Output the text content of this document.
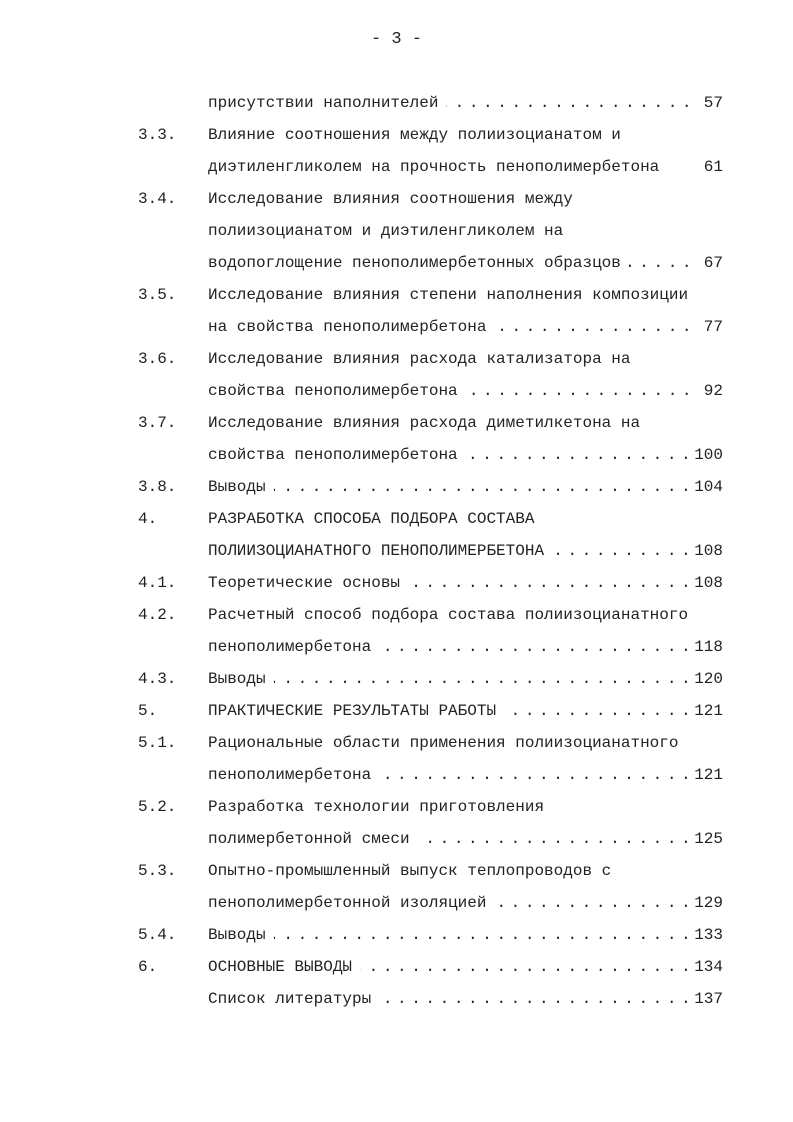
- 3 -
присутствии наполнителей . . .	57
3.3.	Влияние соотношения между полиизоцианатом и
диэтиленгликолем на прочность пенополимербетона	61
3.4.	Исследование влияния соотношения между
полиизоцианатом и диэтиленгликолем на
водопоглощение пенополимербетонных образцов . . .	67
3.5.	Исследование влияния степени наполнения композиции
на свойства пенополимербетона . . .	77
3.6.	Исследование влияния расхода катализатора на
свойства пенополимербетона . . .	92
3.7.	Исследование влияния расхода диметилкетона на
свойства пенополимербетона . . .	100
3.8.	Выводы . . .	104
4.	РАЗРАБОТКА СПОСОБА ПОДБОРА СОСТАВА
ПОЛИИЗОЦИАНАТНОГО ПЕНОПОЛИМЕРБЕТОНА . . .	108
4.1.	Теоретические основы . . .	108
4.2.	Расчетный способ подбора состава полиизоцианатного
пенополимербетона . . .	118
4.3.	Выводы . . .	120
5.	ПРАКТИЧЕСКИЕ РЕЗУЛЬТАТЫ РАБОТЫ . . .	121
5.1.	Рациональные области применения полиизоцианатного
пенополимербетона . . .	121
5.2.	Разработка технологии приготовления
полимербетонной смеси . . .	125
5.3.	Опытно-промышленный выпуск теплопроводов с
пенополимербетонной изоляцией . . .	129
5.4.	Выводы . . .	133
6.	ОСНОВНЫЕ ВЫВОДЫ . . .	134
Список литературы . . .	137
